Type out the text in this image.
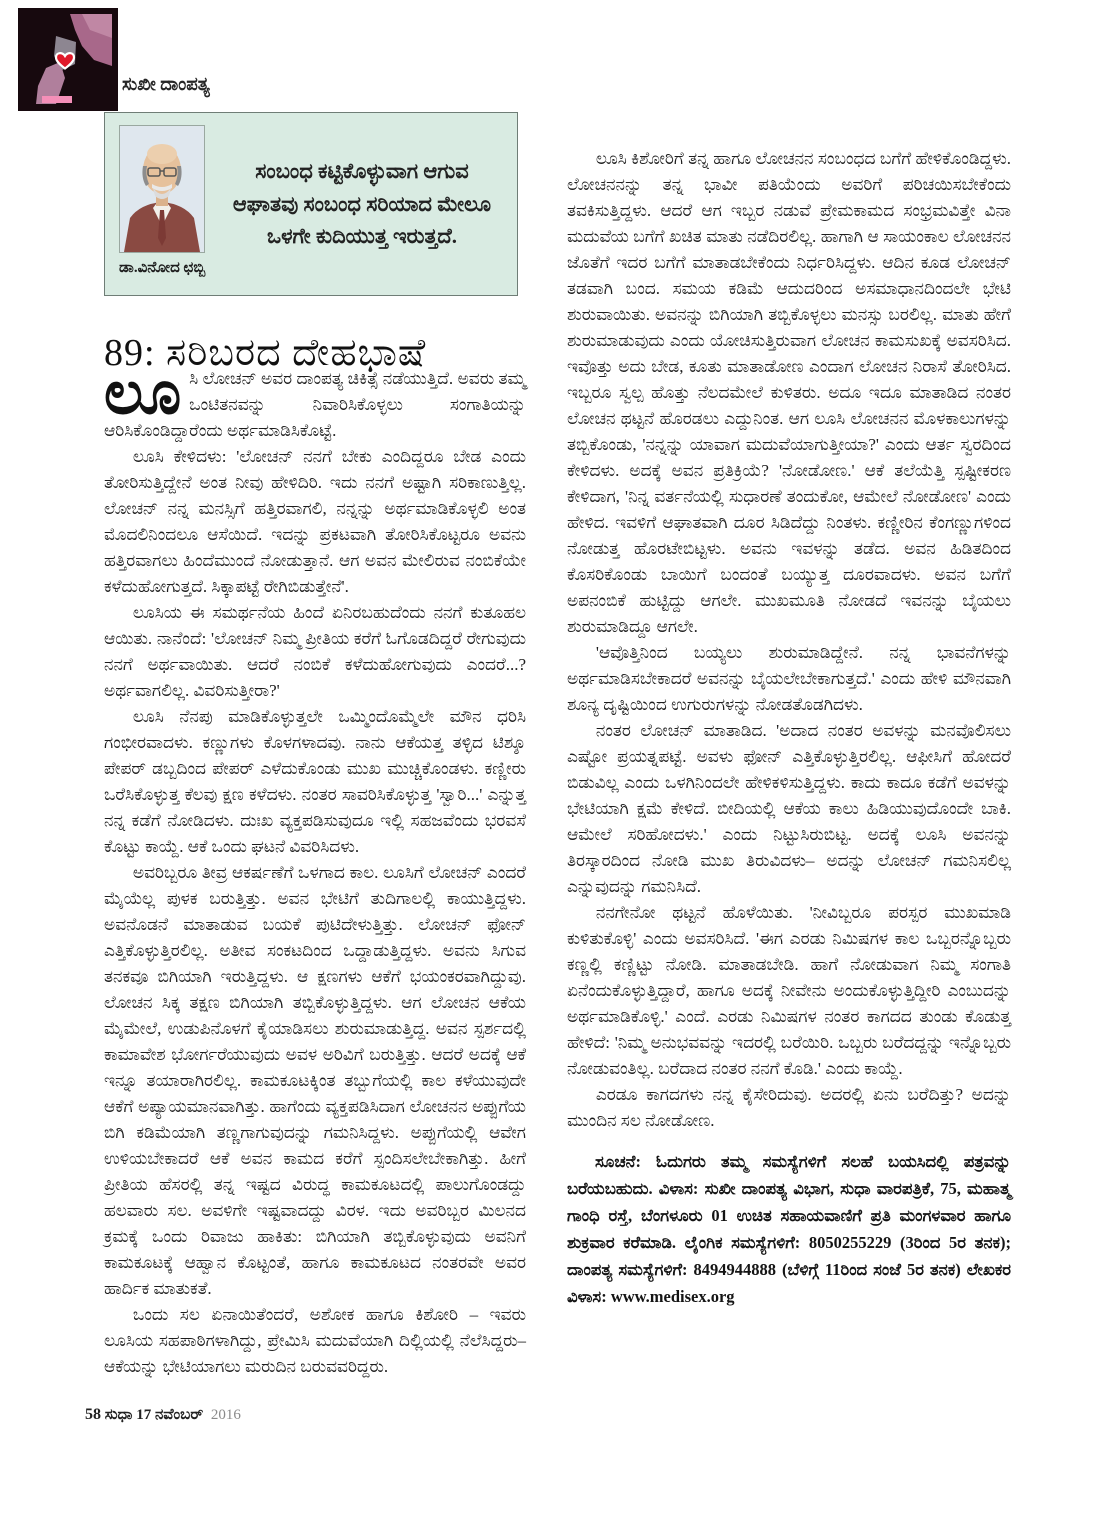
ಸುಖೀ ದಾಂಪತ್ಯ
ಡಾ.ವಿನೋದ ಛಬ್ಬಿ
ಸಂಬಂಧ ಕಟ್ಟಿಕೊಳ್ಳುವಾಗ ಆಗುವ ಆಘಾತವು ಸಂಬಂಧ ಸರಿಯಾದ ಮೇಲೂ ಒಳಗೇ ಕುದಿಯುತ್ತ ಇರುತ್ತದೆ.
89: ಸರಿಬರದ ದೇಹಭಾಷೆ

ಲೂಸಿ ಲೋಚನ್ ಅವರ ದಾಂಪತ್ಯ ಚಿಕಿತ್ಸೆ ನಡೆಯುತ್ತಿದೆ. ಅವರು ತಮ್ಮ ಒಂಟಿತನವನ್ನು ನಿವಾರಿಸಿಕೊಳ್ಳಲು ಸಂಗಾತಿಯನ್ನು ಆರಿಸಿಕೊಂಡಿದ್ದಾರೆಂದು ಅರ್ಥಮಾಡಿಸಿಕೊಟ್ಟೆ.

ಲೂಸಿ ಕೇಳಿದಳು: 'ಲೋಚನ್ ನನಗೆ ಬೇಕು ಎಂದಿದ್ದರೂ ಬೇಡ ಎಂದು ತೋರಿಸುತ್ತಿದ್ದೇನೆ ಅಂತ ನೀವು ಹೇಳಿದಿರಿ. ಇದು ನನಗೆ ಅಷ್ಟಾಗಿ ಸರಿಕಾಣುತ್ತಿಲ್ಲ. ಲೋಚನ್ ನನ್ನ ಮನಸ್ಸಿಗೆ ಹತ್ತಿರವಾಗಲಿ, ನನ್ನನ್ನು ಅರ್ಥಮಾಡಿಕೊಳ್ಳಲಿ ಅಂತ ಮೊದಲಿನಿಂದಲೂ ಆಸೆಯಿದೆ. ಇದನ್ನು ಪ್ರಕಟವಾಗಿ ತೋರಿಸಿಕೊಟ್ಟರೂ ಅವನು ಹತ್ತಿರವಾಗಲು ಹಿಂದೆಮುಂದೆ ನೋಡುತ್ತಾನೆ. ಆಗ ಅವನ ಮೇಲಿರುವ ನಂಬಿಕೆಯೇ ಕಳೆದುಹೋಗುತ್ತದೆ. ಸಿಕ್ಕಾಪಟ್ಟೆ ರೇಗಿಬಿಡುತ್ತೇನೆ'.

ಲೂಸಿಯ ಈ ಸಮರ್ಥನೆಯ ಹಿಂದೆ ಏನಿರಬಹುದೆಂದು ನನಗೆ ಕುತೂಹಲ ಆಯಿತು. ನಾನೆಂದೆ: 'ಲೋಚನ್ ನಿಮ್ಮ ಪ್ರೀತಿಯ ಕರೆಗೆ ಓಗೊಡದಿದ್ದರೆ ರೇಗುವುದು ನನಗೆ ಅರ್ಥವಾಯಿತು. ಆದರೆ ನಂಬಿಕೆ ಕಳೆದುಹೋಗುವುದು ಎಂದರೆ...? ಅರ್ಥವಾಗಲಿಲ್ಲ. ವಿವರಿಸುತ್ತೀರಾ?'

ಲೂಸಿ ನೆನಪು ಮಾಡಿಕೊಳ್ಳುತ್ತಲೇ ಒಮ್ಮಿಂದೊಮ್ಮೆಲೇ ಮೌನ ಧರಿಸಿ ಗಂಭೀರವಾದಳು. ಕಣ್ಣುಗಳು ಕೊಳಗಳಾದವು. ನಾನು ಆಕೆಯತ್ತ ತಳ್ಳಿದ ಟಿಶ್ಶೂ ಪೇಪರ್ ಡಬ್ಬದಿಂದ ಪೇಪರ್ ಎಳೆದುಕೊಂಡು ಮುಖ ಮುಚ್ಚಿಕೊಂಡಳು. ಕಣ್ಣೀರು ಒರೆಸಿಕೊಳ್ಳುತ್ತ ಕೆಲವು ಕ್ಷಣ ಕಳೆದಳು. ನಂತರ ಸಾವರಿಸಿಕೊಳ್ಳುತ್ತ 'ಸ್ವಾರಿ...' ಎನ್ನುತ್ತ ನನ್ನ ಕಡೆಗೆ ನೋಡಿದಳು. ದುಃಖ ವ್ಯಕ್ತಪಡಿಸುವುದೂ ಇಲ್ಲಿ ಸಹಜವೆಂದು ಭರವಸೆ ಕೊಟ್ಟು ಕಾಯ್ದೆ. ಆಕೆ ಒಂದು ಘಟನೆ ವಿವರಿಸಿದಳು.

ಅವರಿಬ್ಬರೂ ತೀವ್ರ ಆಕರ್ಷಣೆಗೆ ಒಳಗಾದ ಕಾಲ. ಲೂಸಿಗೆ ಲೋಚನ್ ಎಂದರೆ ಮೈಯೆಲ್ಲ ಪುಳಕ ಬರುತ್ತಿತ್ತು. ಅವನ ಭೇಟಿಗೆ ತುದಿಗಾಲಲ್ಲಿ ಕಾಯುತ್ತಿದ್ದಳು. ಅವನೊಡನೆ ಮಾತಾಡುವ ಬಯಕೆ ಪುಟಿದೇಳುತ್ತಿತ್ತು. ಲೋಚನ್ ಫೋನ್ ಎತ್ತಿಕೊಳ್ಳುತ್ತಿರಲಿಲ್ಲ. ಅತೀವ ಸಂಕಟದಿಂದ ಒದ್ದಾಡುತ್ತಿದ್ದಳು. ಅವನು ಸಿಗುವ ತನಕವೂ ಬಿಗಿಯಾಗಿ ಇರುತ್ತಿದ್ದಳು. ಆ ಕ್ಷಣಗಳು ಆಕೆಗೆ ಭಯಂಕರವಾಗಿದ್ದುವು. ಲೋಚನ ಸಿಕ್ಕ ತಕ್ಷಣ ಬಿಗಿಯಾಗಿ ತಬ್ಬಿಕೊಳ್ಳುತ್ತಿದ್ದಳು. ಆಗ ಲೋಚನ ಆಕೆಯ ಮೈಮೇಲೆ, ಉಡುಪಿನೊಳಗೆ ಕೈಯಾಡಿಸಲು ಶುರುಮಾಡುತ್ತಿದ್ದ. ಅವನ ಸ್ಪರ್ಶದಲ್ಲಿ ಕಾಮಾವೇಶ ಭೋರ್ಗರೆಯುವುದು ಅವಳ ಅರಿವಿಗೆ ಬರುತ್ತಿತ್ತು. ಆದರೆ ಅದಕ್ಕೆ ಆಕೆ ಇನ್ನೂ ತಯಾರಾಗಿರಲಿಲ್ಲ. ಕಾಮಕೂಟಕ್ಕಿಂತ ತಬ್ಬುಗೆಯಲ್ಲಿ ಕಾಲ ಕಳೆಯುವುದೇ ಆಕೆಗೆ ಅಪ್ಯಾಯಮಾನವಾಗಿತ್ತು. ಹಾಗೆಂದು ವ್ಯಕ್ತಪಡಿಸಿದಾಗ ಲೋಚನನ ಅಪ್ಪುಗೆಯ ಬಿಗಿ ಕಡಿಮೆಯಾಗಿ ತಣ್ಣಗಾಗುವುದನ್ನು ಗಮನಿಸಿದ್ದಳು. ಅಪ್ಪುಗೆಯಲ್ಲಿ ಆವೇಗ ಉಳಿಯಬೇಕಾದರೆ ಆಕೆ ಅವನ ಕಾಮದ ಕರೆಗೆ ಸ್ಪಂದಿಸಲೇಬೇಕಾಗಿತ್ತು. ಹೀಗೆ ಪ್ರೀತಿಯ ಹೆಸರಲ್ಲಿ ತನ್ನ ಇಷ್ಟದ ವಿರುದ್ಧ ಕಾಮಕೂಟದಲ್ಲಿ ಪಾಲುಗೊಂಡದ್ದು ಹಲವಾರು ಸಲ. ಅವಳಿಗೇ ಇಷ್ಟವಾದದ್ದು ವಿರಳ. ಇದು ಅವರಿಬ್ಬರ ಮಿಲನದ ಕ್ರಮಕ್ಕೆ ಒಂದು ರಿವಾಜು ಹಾಕಿತು: ಬಿಗಿಯಾಗಿ ತಬ್ಬಿಕೊಳ್ಳುವುದು ಅವನಿಗೆ ಕಾಮಕೂಟಕ್ಕೆ ಆಹ್ವಾನ ಕೊಟ್ಟಂತೆ, ಹಾಗೂ ಕಾಮಕೂಟದ ನಂತರವೇ ಅವರ ಹಾರ್ದಿಕ ಮಾತುಕತೆ.

ಒಂದು ಸಲ ಏನಾಯಿತೆಂದರೆ, ಅಶೋಕ ಹಾಗೂ ಕಿಶೋರಿ – ಇವರು ಲೂಸಿಯ ಸಹಪಾಠಿಗಳಾಗಿದ್ದು, ಪ್ರೇಮಿಸಿ ಮದುವೆಯಾಗಿ ದಿಲ್ಲಿಯಲ್ಲಿ ನೆಲೆಸಿದ್ದರು– ಆಕೆಯನ್ನು ಭೇಟಿಯಾಗಲು ಮರುದಿನ ಬರುವವರಿದ್ದರು.

ಲೂಸಿ ಕಿಶೋರಿಗೆ ತನ್ನ ಹಾಗೂ ಲೋಚನನ ಸಂಬಂಧದ ಬಗೆಗೆ ಹೇಳಿಕೊಂಡಿದ್ದಳು. ಲೋಚನನನ್ನು ತನ್ನ ಭಾವೀ ಪತಿಯೆಂದು ಅವರಿಗೆ ಪರಿಚಯಿಸಬೇಕೆಂದು ತವಕಿಸುತ್ತಿದ್ದಳು. ಆದರೆ ಆಗ ಇಬ್ಬರ ನಡುವೆ ಪ್ರೇಮಕಾಮದ ಸಂಭ್ರಮವಿತ್ತೇ ವಿನಾ ಮದುವೆಯ ಬಗೆಗೆ ಖಚಿತ ಮಾತು ನಡೆದಿರಲಿಲ್ಲ. ಹಾಗಾಗಿ ಆ ಸಾಯಂಕಾಲ ಲೋಚನನ ಜೊತೆಗೆ ಇದರ ಬಗೆಗೆ ಮಾತಾಡಬೇಕೆಂದು ನಿರ್ಧರಿಸಿದ್ದಳು. ಆದಿನ ಕೂಡ ಲೋಚನ್ ತಡವಾಗಿ ಬಂದ. ಸಮಯ ಕಡಿಮೆ ಆದುದರಿಂದ ಅಸಮಾಧಾನದಿಂದಲೇ ಭೇಟಿ ಶುರುವಾಯಿತು. ಅವನನ್ನು ಬಿಗಿಯಾಗಿ ತಬ್ಬಿಕೊಳ್ಳಲು ಮನಸ್ಸು ಬರಲಿಲ್ಲ. ಮಾತು ಹೇಗೆ ಶುರುಮಾಡುವುದು ಎಂದು ಯೋಚಿಸುತ್ತಿರುವಾಗ ಲೋಚನ ಕಾಮಸುಖಕ್ಕೆ ಅವಸರಿಸಿದ. ಇವೊತ್ತು ಅದು ಬೇಡ, ಕೂತು ಮಾತಾಡೋಣ ಎಂದಾಗ ಲೋಚನ ನಿರಾಸೆ ತೋರಿಸಿದ. ಇಬ್ಬರೂ ಸ್ವಲ್ಪ ಹೊತ್ತು ನೆಲದಮೇಲೆ ಕುಳಿತರು. ಅದೂ ಇದೂ ಮಾತಾಡಿದ ನಂತರ ಲೋಚನ ಥಟ್ಟನೆ ಹೊರಡಲು ಎದ್ದುನಿಂತ. ಆಗ ಲೂಸಿ ಲೋಚನನ ಮೊಳಕಾಲುಗಳನ್ನು ತಬ್ಬಿಕೊಂಡು, 'ನನ್ನನ್ನು ಯಾವಾಗ ಮದುವೆಯಾಗುತ್ತೀಯಾ?' ಎಂದು ಆರ್ತ ಸ್ವರದಿಂದ ಕೇಳಿದಳು. ಅದಕ್ಕೆ ಅವನ ಪ್ರತಿಕ್ರಿಯೆ? 'ನೋಡೋಣ.' ಆಕೆ ತಲೆಯೆತ್ತಿ ಸ್ಪಷ್ಟೀಕರಣ ಕೇಳಿದಾಗ, 'ನಿನ್ನ ವರ್ತನೆಯಲ್ಲಿ ಸುಧಾರಣೆ ತಂದುಕೋ, ಆಮೇಲೆ ನೋಡೋಣ' ಎಂದು ಹೇಳಿದ. ಇವಳಿಗೆ ಆಘಾತವಾಗಿ ದೂರ ಸಿಡಿದೆದ್ದು ನಿಂತಳು. ಕಣ್ಣೀರಿನ ಕೆಂಗಣ್ಣುಗಳಿಂದ ನೋಡುತ್ತ ಹೊರಟೇಬಿಟ್ಟಳು. ಅವನು ಇವಳನ್ನು ತಡೆದ. ಅವನ ಹಿಡಿತದಿಂದ ಕೊಸರಿಕೊಂಡು ಬಾಯಿಗೆ ಬಂದಂತೆ ಬಯ್ಯುತ್ತ ದೂರವಾದಳು. ಅವನ ಬಗೆಗೆ ಅಪನಂಬಿಕೆ ಹುಟ್ಟಿದ್ದು ಆಗಲೇ. ಮುಖಮೂತಿ ನೋಡದೆ ಇವನನ್ನು ಬೈಯಲು ಶುರುಮಾಡಿದ್ದೂ ಆಗಲೇ.

'ಆವೊತ್ತಿನಿಂದ ಬಯ್ಯಲು ಶುರುಮಾಡಿದ್ದೇನೆ. ನನ್ನ ಭಾವನೆಗಳನ್ನು ಅರ್ಥಮಾಡಿಸಬೇಕಾದರೆ ಅವನನ್ನು ಬೈಯಲೇಬೇಕಾಗುತ್ತದೆ.' ಎಂದು ಹೇಳಿ ಮೌನವಾಗಿ ಶೂನ್ಯ ದೃಷ್ಟಿಯಿಂದ ಉಗುರುಗಳನ್ನು ನೋಡತೊಡಗಿದಳು.

ನಂತರ ಲೋಚನ್ ಮಾತಾಡಿದ. 'ಅದಾದ ನಂತರ ಅವಳನ್ನು ಮನವೊಲಿಸಲು ಎಷ್ಟೋ ಪ್ರಯತ್ನಪಟ್ಟೆ. ಅವಳು ಫೋನ್ ಎತ್ತಿಕೊಳ್ಳುತ್ತಿರಲಿಲ್ಲ. ಆಫೀಸಿಗೆ ಹೋದರೆ ಬಿಡುವಿಲ್ಲ ಎಂದು ಒಳಗಿನಿಂದಲೇ ಹೇಳಿಕಳಿಸುತ್ತಿದ್ದಳು. ಕಾದು ಕಾದೂ ಕಡೆಗೆ ಅವಳನ್ನು ಭೇಟಿಯಾಗಿ ಕ್ಷಮೆ ಕೇಳಿದೆ. ಬೀದಿಯಲ್ಲಿ ಆಕೆಯ ಕಾಲು ಹಿಡಿಯುವುದೊಂದೇ ಬಾಕಿ. ಆಮೇಲೆ ಸರಿಹೋದಳು.' ಎಂದು ನಿಟ್ಟುಸಿರುಬಿಟ್ಟ. ಅದಕ್ಕೆ ಲೂಸಿ ಅವನನ್ನು ತಿರಸ್ಕಾರದಿಂದ ನೋಡಿ ಮುಖ ತಿರುವಿದಳು– ಅದನ್ನು ಲೋಚನ್ ಗಮನಿಸಲಿಲ್ಲ ಎನ್ನುವುದನ್ನು ಗಮನಿಸಿದೆ.

ನನಗೇನೋ ಥಟ್ಟನೆ ಹೊಳೆಯಿತು. 'ನೀವಿಬ್ಬರೂ ಪರಸ್ಪರ ಮುಖಮಾಡಿ ಕುಳಿತುಕೊಳ್ಳಿ' ಎಂದು ಅವಸರಿಸಿದೆ. 'ಈಗ ಎರಡು ನಿಮಿಷಗಳ ಕಾಲ ಒಬ್ಬರನ್ನೊಬ್ಬರು ಕಣ್ಣಲ್ಲಿ ಕಣ್ಣಿಟ್ಟು ನೋಡಿ. ಮಾತಾಡಬೇಡಿ. ಹಾಗೆ ನೋಡುವಾಗ ನಿಮ್ಮ ಸಂಗಾತಿ ಏನೆಂದುಕೊಳ್ಳುತ್ತಿದ್ದಾರೆ, ಹಾಗೂ ಅದಕ್ಕೆ ನೀವೇನು ಅಂದುಕೊಳ್ಳುತ್ತಿದ್ದೀರಿ ಎಂಬುದನ್ನು ಅರ್ಥಮಾಡಿಕೊಳ್ಳಿ.' ಎಂದೆ. ಎರಡು ನಿಮಿಷಗಳ ನಂತರ ಕಾಗದದ ತುಂಡು ಕೊಡುತ್ತ ಹೇಳಿದೆ: 'ನಿಮ್ಮ ಅನುಭವವನ್ನು ಇದರಲ್ಲಿ ಬರೆಯಿರಿ. ಒಬ್ಬರು ಬರೆದದ್ದನ್ನು ಇನ್ನೊಬ್ಬರು ನೋಡುವಂತಿಲ್ಲ. ಬರೆದಾದ ನಂತರ ನನಗೆ ಕೊಡಿ.' ಎಂದು ಕಾಯ್ದೆ.

ಎರಡೂ ಕಾಗದಗಳು ನನ್ನ ಕೈಸೇರಿದುವು. ಅದರಲ್ಲಿ ಏನು ಬರೆದಿತ್ತು? ಅದನ್ನು ಮುಂದಿನ ಸಲ ನೋಡೋಣ.

ಸೂಚನೆ: ಓದುಗರು ತಮ್ಮ ಸಮಸ್ಯೆಗಳಿಗೆ ಸಲಹೆ ಬಯಸಿದಲ್ಲಿ ಪತ್ರವನ್ನು ಬರೆಯಬಹುದು. ವಿಳಾಸ: ಸುಖೀ ದಾಂಪತ್ಯ ವಿಭಾಗ, ಸುಧಾ ವಾರಪತ್ರಿಕೆ, 75, ಮಹಾತ್ಮ ಗಾಂಧಿ ರಸ್ತೆ, ಬೆಂಗಳೂರು 01 ಉಚಿತ ಸಹಾಯವಾಣಿಗೆ ಪ್ರತಿ ಮಂಗಳವಾರ ಹಾಗೂ ಶುಕ್ರವಾರ ಕರೆಮಾಡಿ. ಲೈಂಗಿಕ ಸಮಸ್ಯೆಗಳಿಗೆ: 8050255229 (3ರಿಂದ 5ರ ತನಕ); ದಾಂಪತ್ಯ ಸಮಸ್ಯೆಗಳಿಗೆ: 8494944888 (ಬೆಳಿಗ್ಗೆ 11ರಿಂದ ಸಂಜೆ 5ರ ತನಕ) ಲೇಖಕರ ವಿಳಾಸ: www.medisex.org
58 ಸುಧಾ 17 ನವೆಂಬರ್ 2016
